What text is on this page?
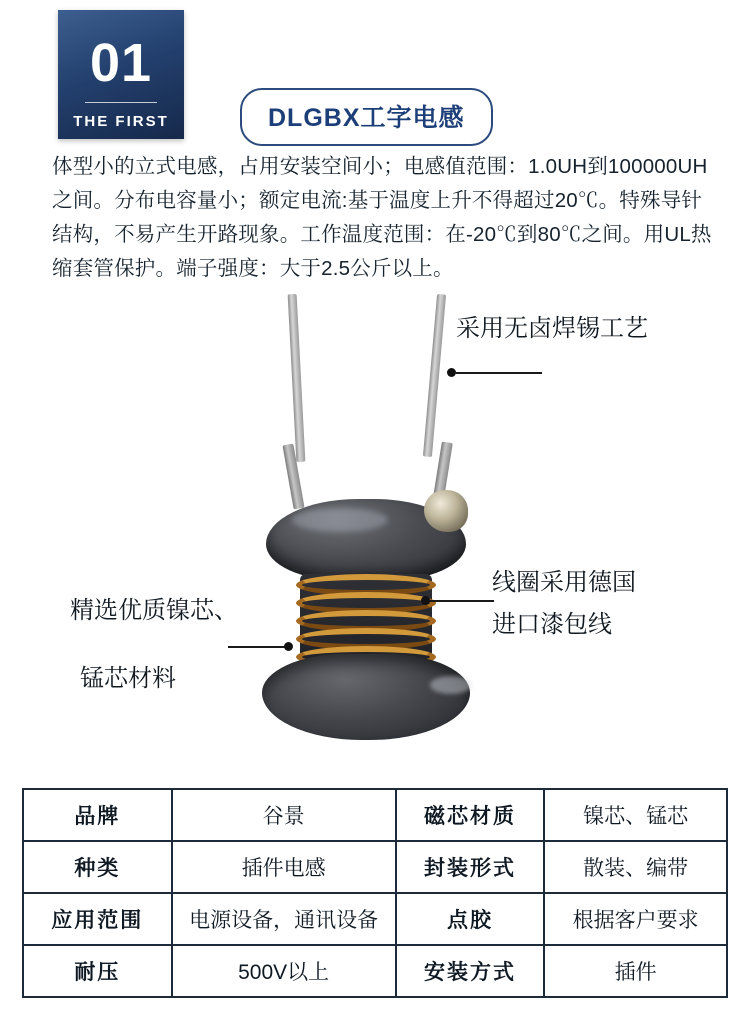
01
THE FIRST	DLGBX工字电感

体型小的立式电感，占用安装空间小；电感值范围：1.0UH到100000UH之间。分布电容量小；额定电流:基于温度上升不得超过20℃。特殊导针结构，不易产生开路现象。工作温度范围：在-20℃到80℃之间。用UL热缩套管保护。端子强度：大于2.5公斤以上。

采用无卤焊锡工艺
线圈采用德国
进口漆包线
精选优质镍芯、
锰芯材料
品牌	谷景	磁芯材质	镍芯、锰芯
种类	插件电感	封装形式	散装、编带
应用范围	电源设备，通讯设备	点胶	根据客户要求
耐压	500V以上	安装方式	插件
